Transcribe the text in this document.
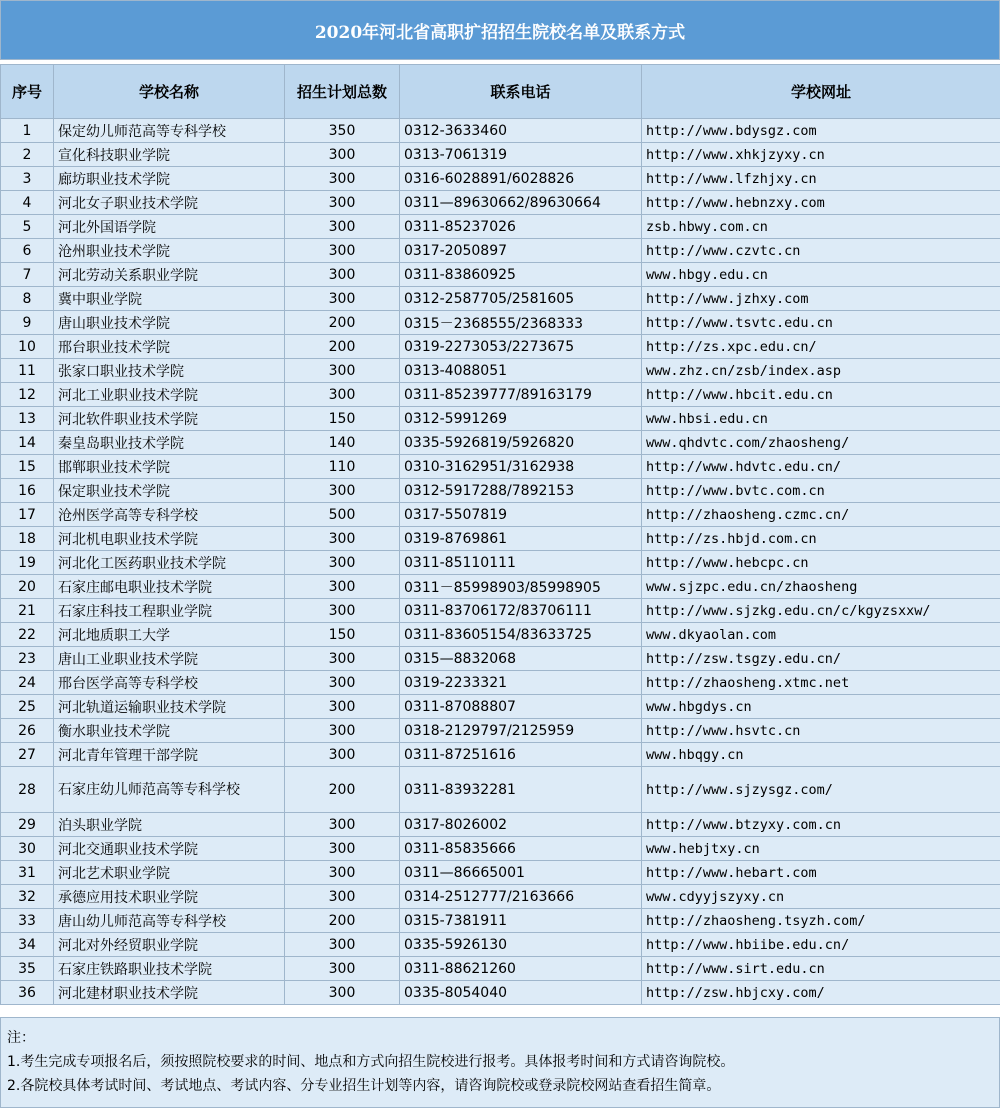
2020年河北省高职扩招招生院校名单及联系方式
序号	学校名称	招生计划总数	联系电话	学校网址
1	保定幼儿师范高等专科学校	350	0312-3633460	http://www.bdysgz.com
2	宣化科技职业学院	300	0313-7061319	http://www.xhkjzyxy.cn
3	廊坊职业技术学院	300	0316-6028891/6028826	http://www.lfzhjxy.cn
4	河北女子职业技术学院	300	0311—89630662/89630664	http://www.hebnzxy.com
5	河北外国语学院	300	0311-85237026	zsb.hbwy.com.cn
6	沧州职业技术学院	300	0317-2050897	http://www.czvtc.cn
7	河北劳动关系职业学院	300	0311-83860925	www.hbgy.edu.cn
8	冀中职业学院	300	0312-2587705/2581605	http://www.jzhxy.com
9	唐山职业技术学院	200	0315－2368555/2368333	http://www.tsvtc.edu.cn
10	邢台职业技术学院	200	0319-2273053/2273675	http://zs.xpc.edu.cn/
11	张家口职业技术学院	300	0313-4088051	www.zhz.cn/zsb/index.asp
12	河北工业职业技术学院	300	0311-85239777/89163179	http://www.hbcit.edu.cn
13	河北软件职业技术学院	150	0312-5991269	www.hbsi.edu.cn
14	秦皇岛职业技术学院	140	0335-5926819/5926820	www.qhdvtc.com/zhaosheng/
15	邯郸职业技术学院	110	0310-3162951/3162938	http://www.hdvtc.edu.cn/
16	保定职业技术学院	300	0312-5917288/7892153	http://www.bvtc.com.cn
17	沧州医学高等专科学校	500	0317-5507819	http://zhaosheng.czmc.cn/
18	河北机电职业技术学院	300	0319-8769861	http://zs.hbjd.com.cn
19	河北化工医药职业技术学院	300	0311-85110111	http://www.hebcpc.cn
20	石家庄邮电职业技术学院	300	0311－85998903/85998905	www.sjzpc.edu.cn/zhaosheng
21	石家庄科技工程职业学院	300	0311-83706172/83706111	http://www.sjzkg.edu.cn/c/kgyzsxxw/
22	河北地质职工大学	150	0311-83605154/83633725	www.dkyaolan.com
23	唐山工业职业技术学院	300	0315—8832068	http://zsw.tsgzy.edu.cn/
24	邢台医学高等专科学校	300	0319-2233321	http://zhaosheng.xtmc.net
25	河北轨道运输职业技术学院	300	0311-87088807	www.hbgdys.cn
26	衡水职业技术学院	300	0318-2129797/2125959	http://www.hsvtc.cn
27	河北青年管理干部学院	300	0311-87251616	www.hbqgy.cn
28	石家庄幼儿师范高等专科学校	200	0311-83932281	http://www.sjzysgz.com/
29	泊头职业学院	300	0317-8026002	http://www.btzyxy.com.cn
30	河北交通职业技术学院	300	0311-85835666	www.hebjtxy.cn
31	河北艺术职业学院	300	0311—86665001	http://www.hebart.com
32	承德应用技术职业学院	300	0314-2512777/2163666	www.cdyyjszyxy.cn
33	唐山幼儿师范高等专科学校	200	0315-7381911	http://zhaosheng.tsyzh.com/
34	河北对外经贸职业学院	300	0335-5926130	http://www.hbiibe.edu.cn/
35	石家庄铁路职业技术学院	300	0311-88621260	http://www.sirt.edu.cn
36	河北建材职业技术学院	300	0335-8054040	http://zsw.hbjcxy.com/
注：
1.考生完成专项报名后，须按照院校要求的时间、地点和方式向招生院校进行报考。具体报考时间和方式请咨询院校。
2.各院校具体考试时间、考试地点、考试内容、分专业招生计划等内容，请咨询院校或登录院校网站查看招生简章。
